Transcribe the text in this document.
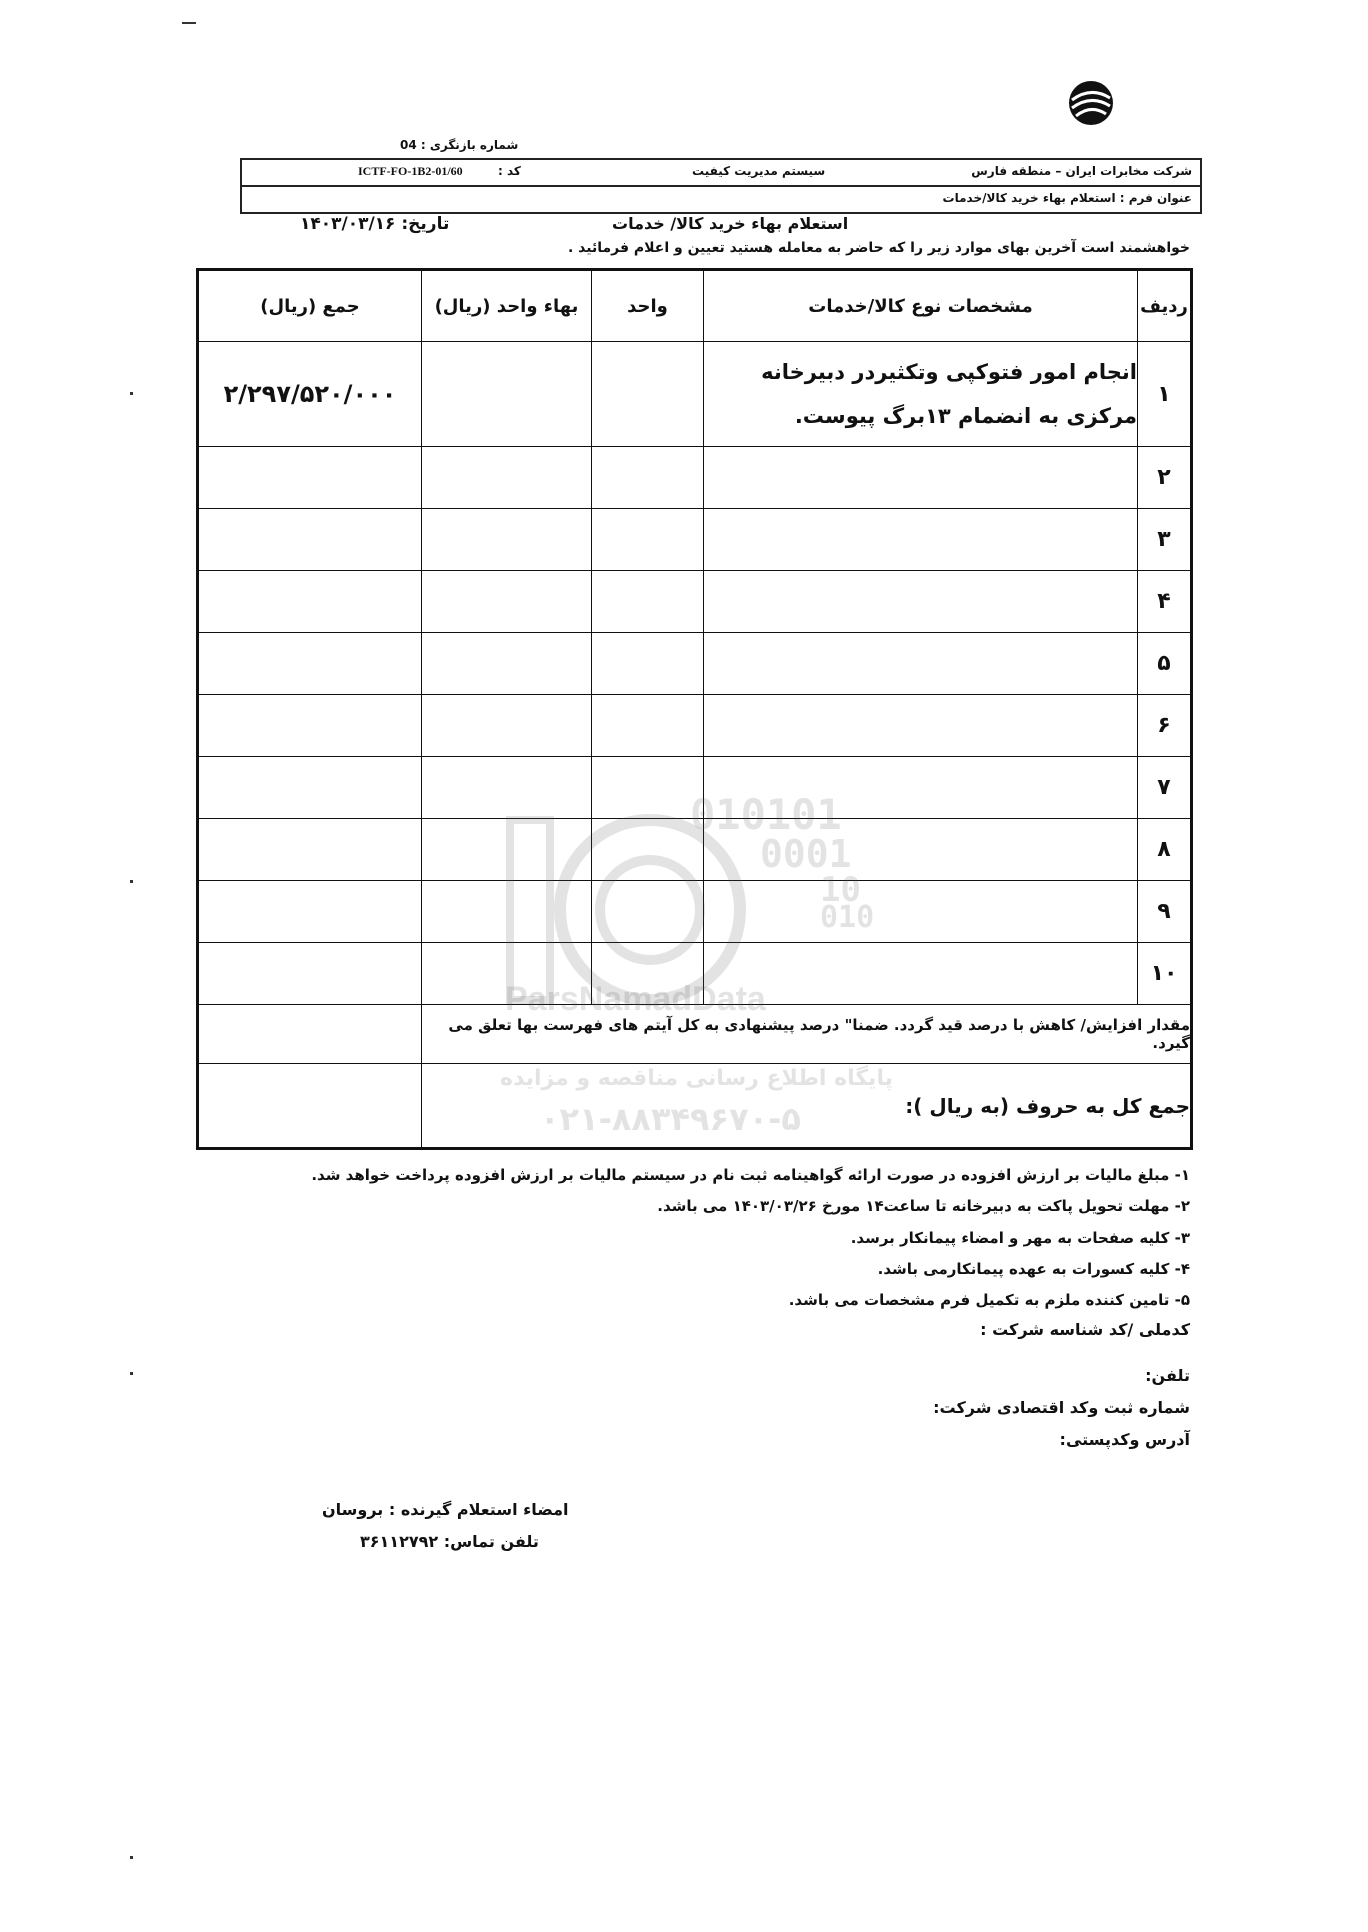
شماره بازنگری : 04
شرکت مخابرات ایران – منطقه فارس
سیستم مدیریت کیفیت
کد :
ICTF-FO-1B2-01/60
عنوان فرم : استعلام بهاء خرید کالا/خدمات
استعلام بهاء خرید کالا/ خدمات
تاریخ: ۱۴۰۳/۰۳/۱۶
خواهشمند است آخرین بهای موارد زیر را که حاضر به معامله هستید تعیین و اعلام فرمائید .
ردیف	مشخصات نوع کالا/خدمات	واحد	بهاء واحد (ریال)	جمع (ریال)
۱	انجام امور فتوکپی وتکثیردر دبیرخانه مرکزی به انضمام ۱۳برگ پیوست.			۲/۲۹۷/۵۲۰/۰۰۰
۲				
۳				
۴				
۵				
۶				
۷				
۸				
۹				
۱۰				
مقدار افزایش/ کاهش با درصد قید گردد. ضمنا" درصد پیشنهادی به کل آیتم های فهرست بها تعلق می گیرد.				
جمع کل به حروف (به ریال ):				
010101
0001
10
010
ParsNamadData
پایگاه اطلاع رسانی مناقصه و مزایده
۰۲۱-۸۸۳۴۹۶۷۰-۵
۱- مبلغ مالیات بر ارزش افزوده در صورت ارائه گواهینامه ثبت نام در سیستم مالیات بر ارزش افزوده پرداخت خواهد شد.
۲- مهلت تحویل پاکت به دبیرخانه تا ساعت۱۴ مورخ ۱۴۰۳/۰۳/۲۶ می باشد.
۳- کلیه صفحات به مهر و امضاء پیمانکار برسد.
۴- کلیه کسورات به عهده پیمانکارمی باشد.
۵- تامین کننده ملزم به تکمیل فرم مشخصات می باشد.
کدملی /کد شناسه شرکت :
تلفن:
شماره ثبت وکد اقتصادی شرکت:
آدرس وکدپستی:
امضاء استعلام گیرنده : بروسان
تلفن تماس: ۳۶۱۱۲۷۹۲
